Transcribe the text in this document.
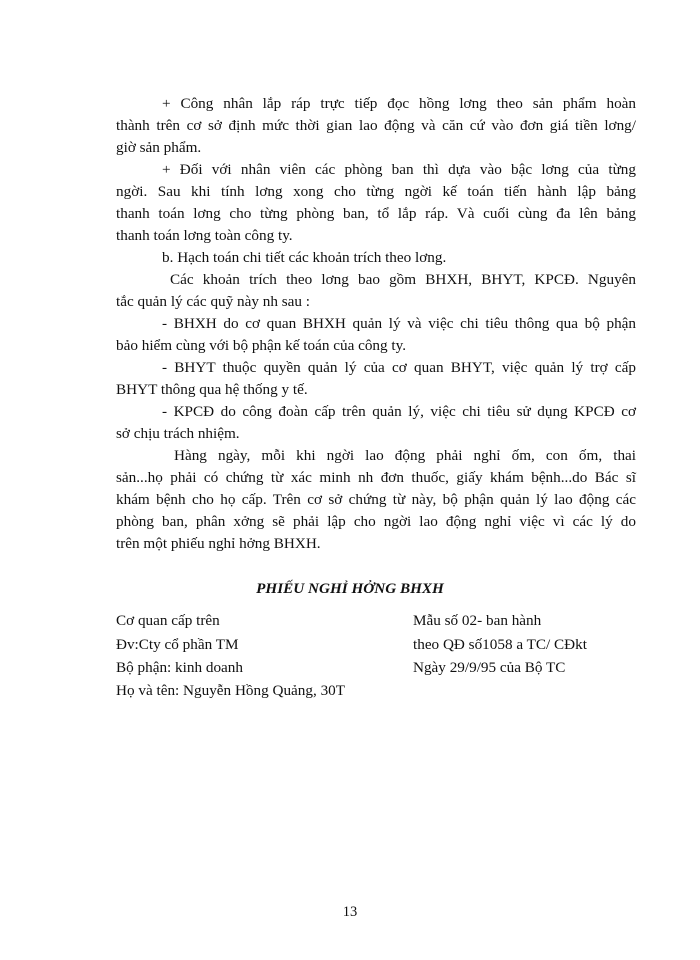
+ Công nhân lắp ráp trực tiếp đọc hồng lơng theo sản phẩm hoàn
thành trên cơ sở định mức thời gian lao động và căn cứ vào đơn giá tiền lơng/
giờ sản phẩm.
+ Đối với nhân viên các phòng ban thì dựa vào bậc lơng của từng
ngời. Sau khi tính lơng xong cho từng ngời kế toán tiến hành lập bảng
thanh toán lơng cho từng phòng ban, tổ lắp ráp. Và cuối cùng đa lên bảng
thanh toán lơng toàn công ty.
b. Hạch toán chi tiết các khoản trích theo lơng.
Các khoản trích theo lơng bao gồm BHXH, BHYT, KPCĐ. Nguyên
tắc quản lý các quỹ này nh sau :
- BHXH do cơ quan BHXH quản lý và việc chi tiêu thông qua bộ phận
bảo hiểm cùng với bộ phận kế toán của công ty.
- BHYT thuộc quyền quản lý của cơ quan BHYT, việc quản lý trợ cấp
BHYT thông qua hệ thống y tế.
- KPCĐ do công đoàn cấp trên quản lý, việc chi tiêu sử dụng KPCĐ cơ
sở chịu trách nhiệm.
Hàng ngày, mỗi khi ngời lao động phải nghỉ ốm, con ốm, thai
sản...họ phải có chứng từ xác minh nh đơn thuốc, giấy khám bệnh...do Bác sĩ
khám bệnh cho họ cấp. Trên cơ sở chứng từ này, bộ phận quản lý lao động các
phòng ban, phân xởng sẽ phải lập cho ngời lao động nghỉ việc vì các lý do
trên một phiếu nghỉ hởng BHXH.
PHIẾU NGHỈ HỞNG BHXH
Cơ quan cấp trên
Đv:Cty cổ phần TM
Bộ phận: kinh doanh
Họ và tên: Nguyễn Hồng Quảng, 30T
Mẫu số 02- ban hành
theo QĐ số1058 a TC/ CĐkt
Ngày 29/9/95 của Bộ TC
13
